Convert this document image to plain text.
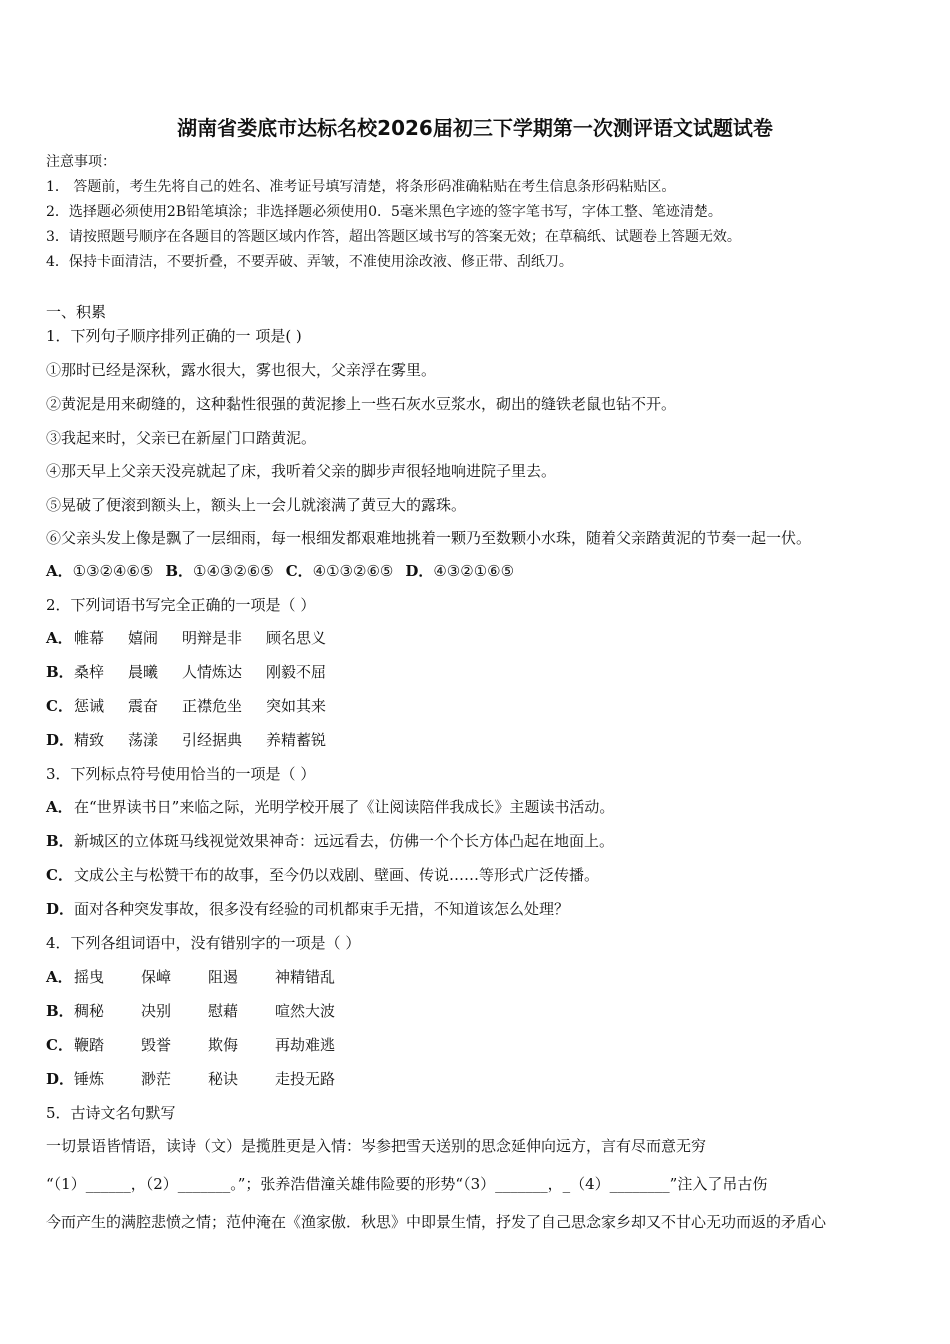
湖南省娄底市达标名校2026届初三下学期第一次测评语文试题试卷
注意事项：
1． 答题前，考生先将自己的姓名、准考证号填写清楚，将条形码准确粘贴在考生信息条形码粘贴区。
2．选择题必须使用2B铅笔填涂；非选择题必须使用0．5毫米黑色字迹的签字笔书写，字体工整、笔迹清楚。
3．请按照题号顺序在各题目的答题区域内作答，超出答题区域书写的答案无效；在草稿纸、试题卷上答题无效。
4．保持卡面清洁，不要折叠，不要弄破、弄皱，不准使用涂改液、修正带、刮纸刀。
一、积累
1．下列句子顺序排列正确的一 项是( )
①那时已经是深秋，露水很大，雾也很大，父亲浮在雾里。
②黄泥是用来砌缝的，这种黏性很强的黄泥掺上一些石灰水豆浆水，砌出的缝铁老鼠也钻不开。
③我起来时，父亲已在新屋门口踏黄泥。
④那天早上父亲天没亮就起了床，我听着父亲的脚步声很轻地响进院子里去。
⑤晃破了便滚到额头上，额头上一会儿就滚满了黄豆大的露珠。
⑥父亲头发上像是飘了一层细雨，每一根细发都艰难地挑着一颗乃至数颗小水珠，随着父亲踏黄泥的节奏一起一伏。
A．①③②④⑥⑤ B．①④③②⑥⑤ C．④①③②⑥⑤ D．④③②①⑥⑤
2．下列词语书写完全正确的一项是（ ）
A．帷幕 嬉闹 明辩是非 顾名思义
B．桑梓 晨曦 人情炼达 刚毅不屈
C．惩诫 震奋 正襟危坐 突如其来
D．精致 荡漾 引经据典 养精蓄锐
3．下列标点符号使用恰当的一项是（ ）
A．在“世界读书日”来临之际，光明学校开展了《让阅读陪伴我成长》主题读书活动。
B．新城区的立体斑马线视觉效果神奇：远远看去，仿佛一个个长方体凸起在地面上。
C．文成公主与松赞干布的故事，至今仍以戏剧、壁画、传说……等形式广泛传播。
D．面对各种突发事故，很多没有经验的司机都束手无措，不知道该怎么处理？
4．下列各组词语中，没有错别字的一项是（ ）
A．摇曳 保嶂 阻遏 神精错乱
B．稠秘 决别 慰藉 喧然大波
C．鞭踏 毁誉 欺侮 再劫难逃
D．锤炼 渺茫 秘诀 走投无路
5．古诗文名句默写
一切景语皆情语，读诗（文）是揽胜更是入情：岑参把雪天送别的思念延伸向远方，言有尽而意无穷
“（1）______，（2）_______。”；张养浩借潼关雄伟险要的形势“（3）_______，_（4）________”注入了吊古伤
今而产生的满腔悲愤之情；范仲淹在《渔家傲．秋思》中即景生情，抒发了自己思念家乡却又不甘心无功而返的矛盾心
